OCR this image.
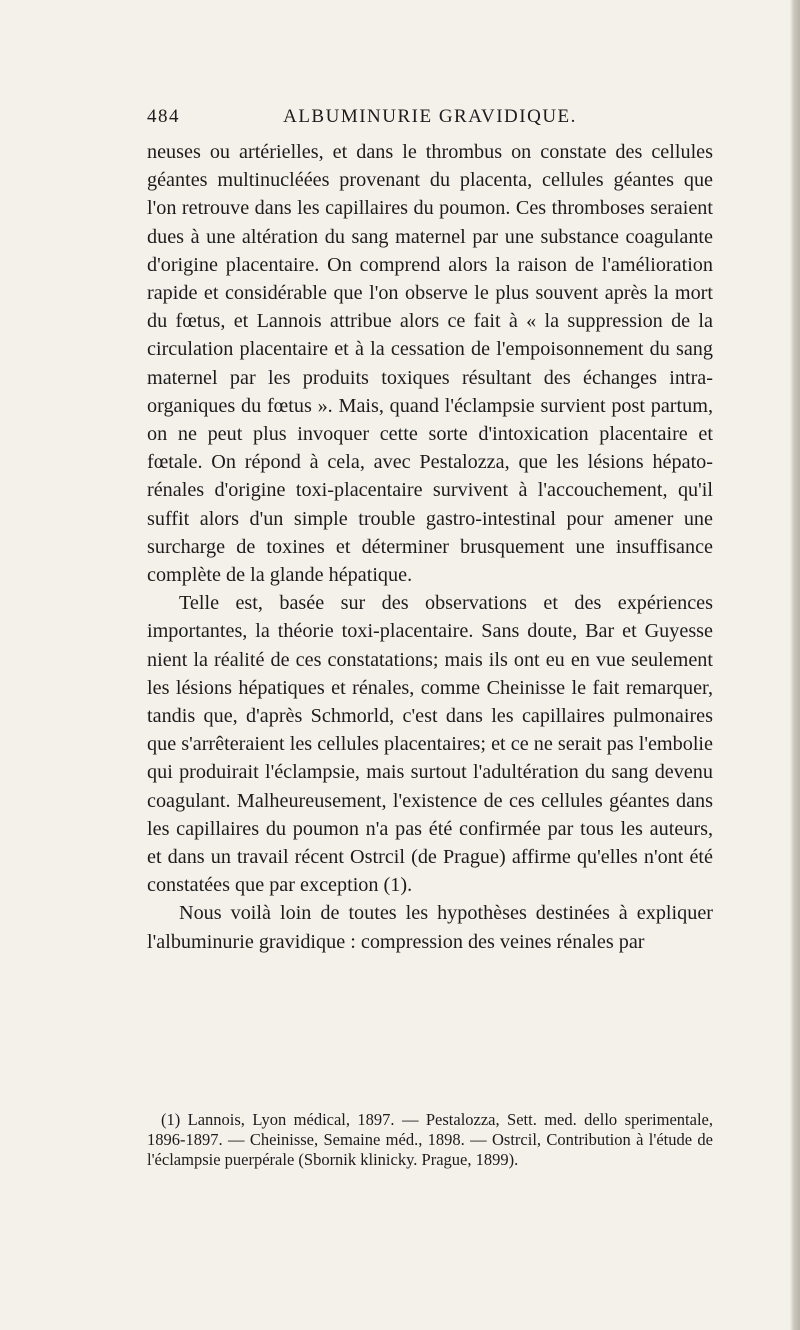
484	ALBUMINURIE GRAVIDIQUE.

neuses ou artérielles, et dans le thrombus on constate des cellules géantes multinucléées provenant du placenta, cellules géantes que l'on retrouve dans les capillaires du poumon. Ces thromboses seraient dues à une altération du sang maternel par une substance coagulante d'origine placentaire. On comprend alors la raison de l'amélioration rapide et considérable que l'on observe le plus souvent après la mort du fœtus, et Lannois attribue alors ce fait à « la suppression de la circulation placentaire et à la cessation de l'empoisonnement du sang maternel par les produits toxiques résultant des échanges intra-organiques du fœtus ». Mais, quand l'éclampsie survient post partum, on ne peut plus invoquer cette sorte d'intoxication placentaire et fœtale. On répond à cela, avec Pestalozza, que les lésions hépato-rénales d'origine toxi-placentaire survivent à l'accouchement, qu'il suffit alors d'un simple trouble gastro-intestinal pour amener une surcharge de toxines et déterminer brusquement une insuffisance complète de la glande hépatique.

Telle est, basée sur des observations et des expériences importantes, la théorie toxi-placentaire. Sans doute, Bar et Guyesse nient la réalité de ces constatations; mais ils ont eu en vue seulement les lésions hépatiques et rénales, comme Cheinisse le fait remarquer, tandis que, d'après Schmorld, c'est dans les capillaires pulmonaires que s'arrêteraient les cellules placentaires; et ce ne serait pas l'embolie qui produirait l'éclampsie, mais surtout l'adultération du sang devenu coagulant. Malheureusement, l'existence de ces cellules géantes dans les capillaires du poumon n'a pas été confirmée par tous les auteurs, et dans un travail récent Ostrcil (de Prague) affirme qu'elles n'ont été constatées que par exception (1).

Nous voilà loin de toutes les hypothèses destinées à expliquer l'albuminurie gravidique : compression des veines rénales par

(1) Lannois, Lyon médical, 1897. — Pestalozza, Sett. med. dello sperimentale, 1896-1897. — Cheinisse, Semaine méd., 1898. — Ostrcil, Contribution à l'étude de l'éclampsie puerpérale (Sbornik klinicky. Prague, 1899).
